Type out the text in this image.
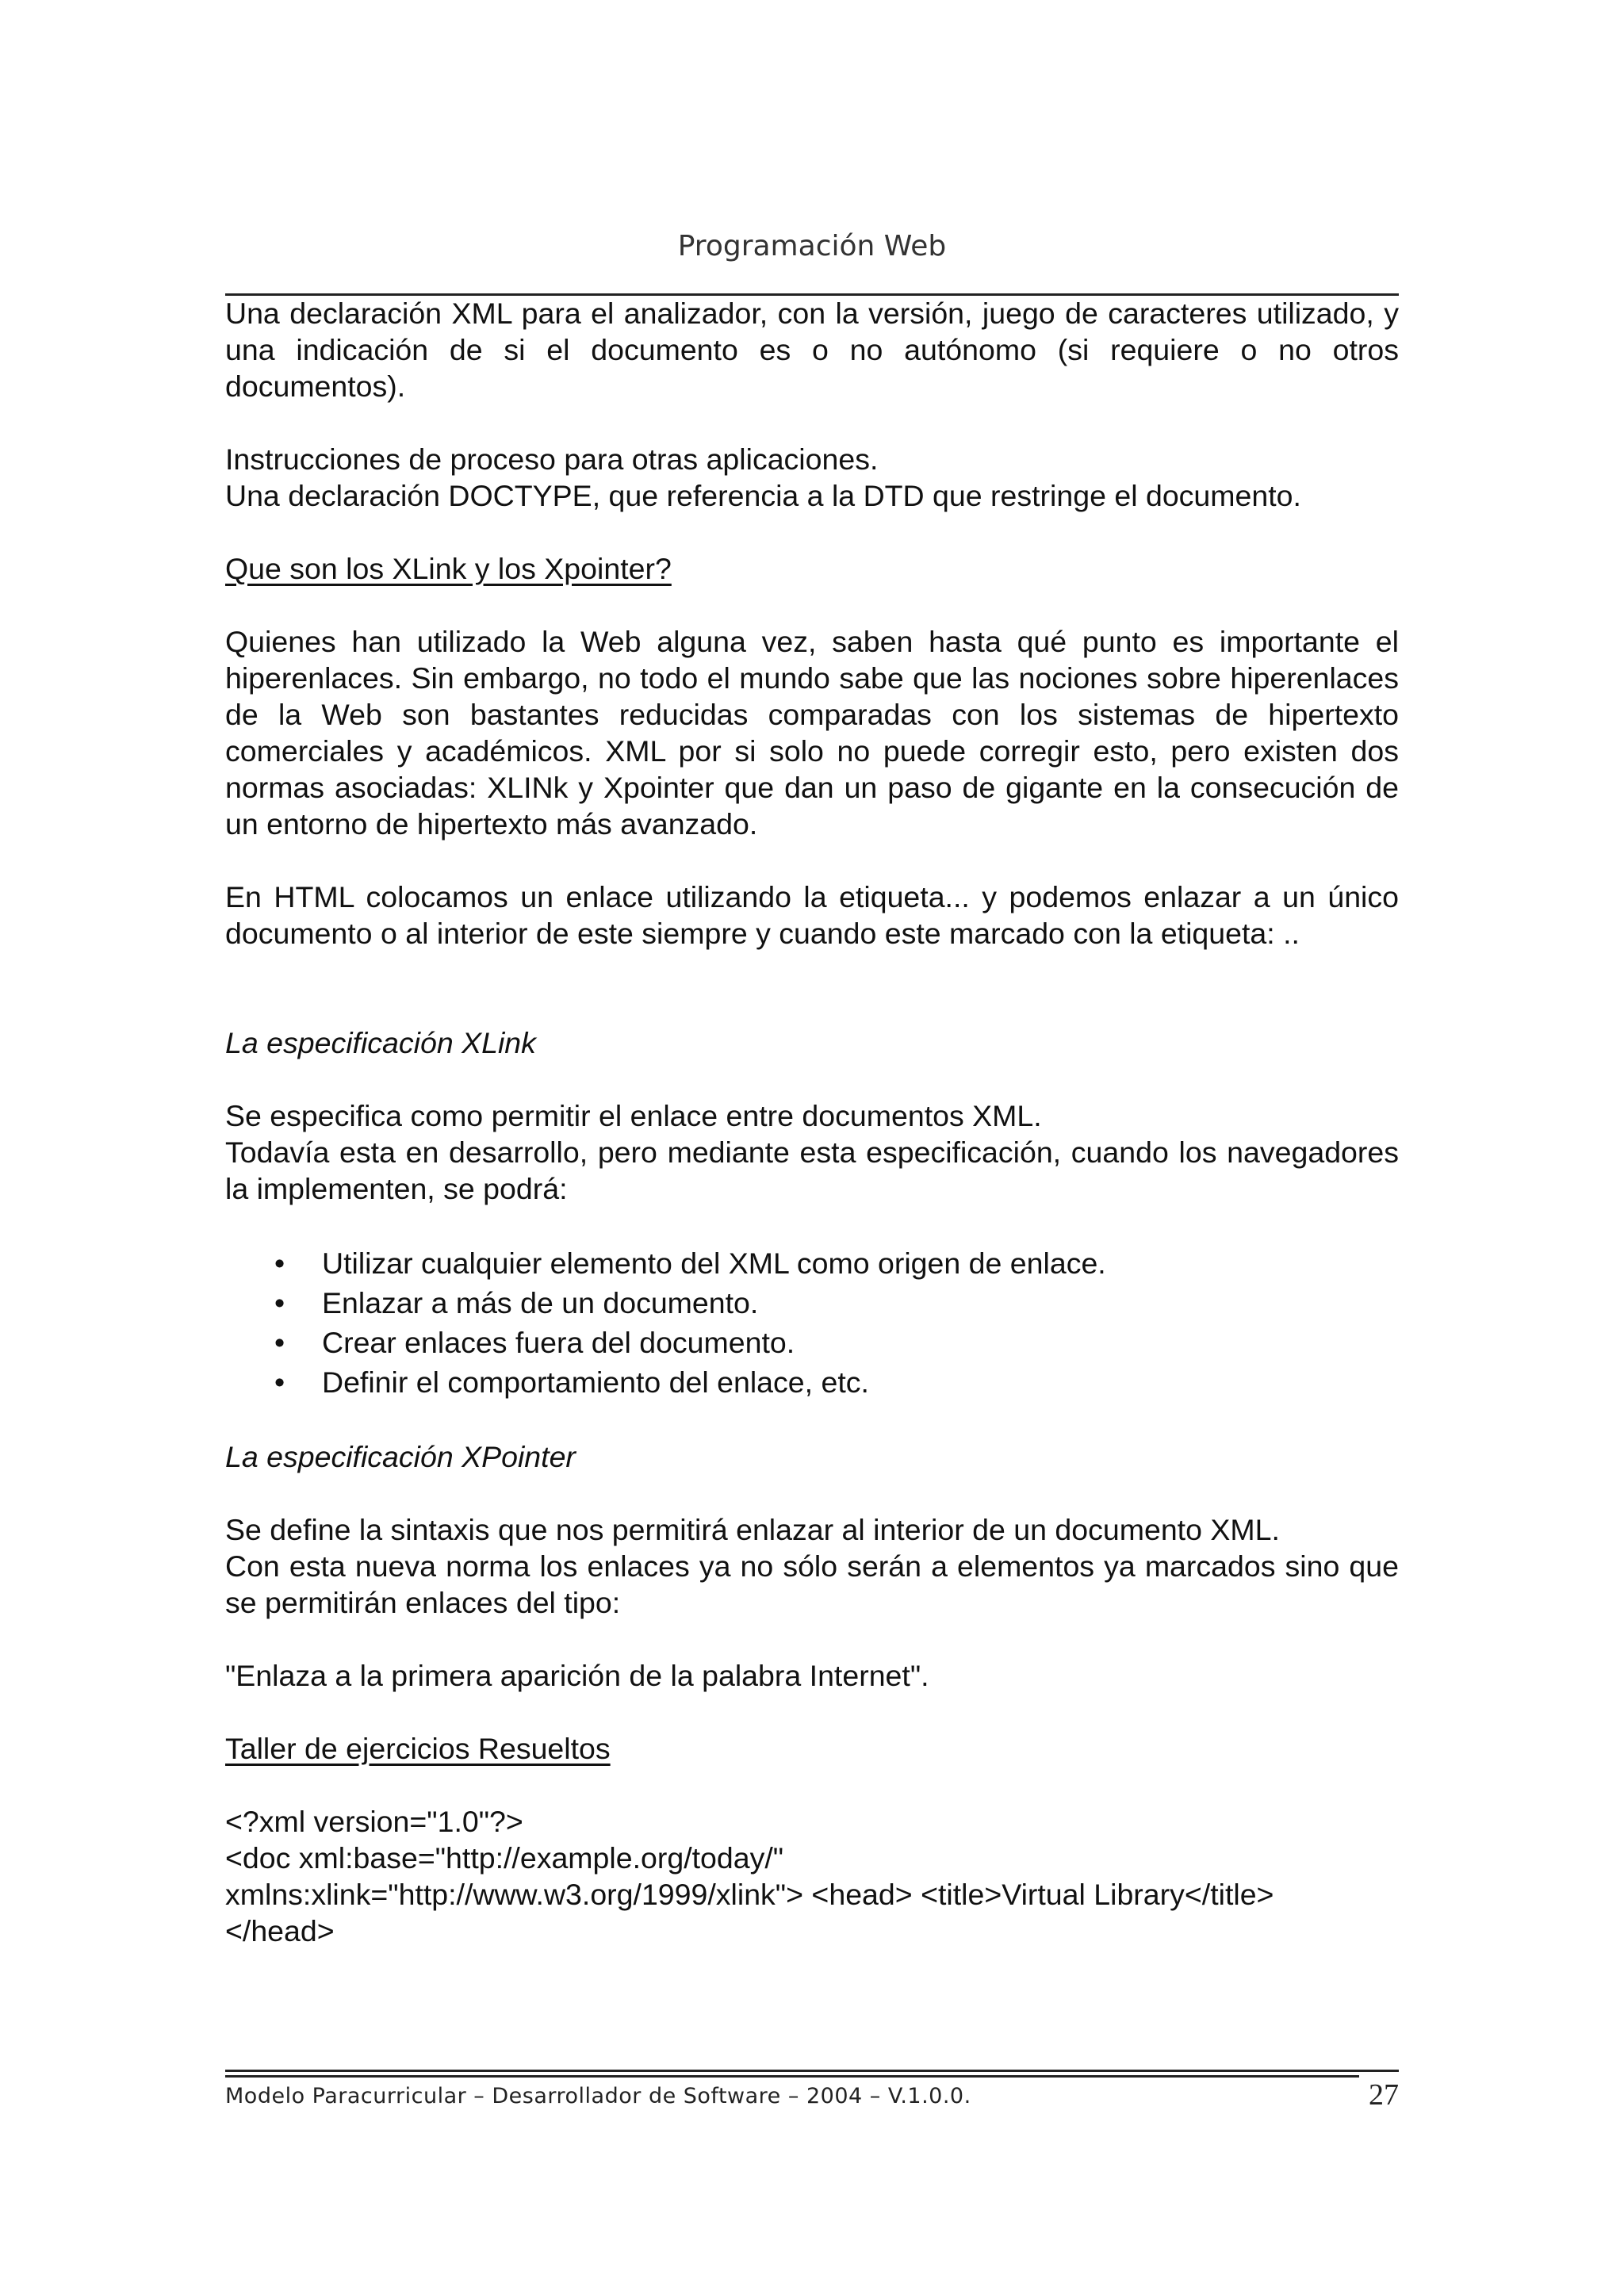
Programación Web

Una declaración XML para el analizador, con la versión, juego de caracteres utilizado, y una indicación de si el documento es o no autónomo (si requiere o no otros documentos).

Instrucciones de proceso para otras aplicaciones.

Una declaración DOCTYPE, que referencia a la DTD que restringe el documento.

Que son los XLink y los Xpointer?

Quienes han utilizado la Web alguna vez, saben hasta qué punto es importante el hiperenlaces. Sin embargo, no todo el mundo sabe que las nociones sobre hiperenlaces de la Web son bastantes reducidas comparadas con los sistemas de hipertexto comerciales y académicos. XML por si solo no puede corregir esto, pero existen dos normas asociadas: XLINk y Xpointer que dan un paso de gigante en la consecución de un entorno de hipertexto más avanzado.

En HTML colocamos un enlace utilizando la etiqueta... y podemos enlazar a un único documento o al interior de este siempre y cuando este marcado con la etiqueta: ..

La especificación XLink

Se especifica como permitir el enlace entre documentos XML.

Todavía esta en desarrollo, pero mediante esta especificación, cuando los navegadores la implementen, se podrá:

• Utilizar cualquier elemento del XML como origen de enlace.
• Enlazar a más de un documento.
• Crear enlaces fuera del documento.
• Definir el comportamiento del enlace, etc.

La especificación XPointer

Se define la sintaxis que nos permitirá enlazar al interior de un documento XML.

Con esta nueva norma los enlaces ya no sólo serán a elementos ya marcados sino que se permitirán enlaces del tipo:

"Enlaza a la primera aparición de la palabra Internet".

Taller de ejercicios Resueltos

<?xml version="1.0"?>

<doc xml:base="http://example.org/today/"

xmlns:xlink="http://www.w3.org/1999/xlink"> <head> <title>Virtual Library</title>

</head>

Modelo Paracurricular – Desarrollador de Software – 2004 – V.1.0.0.	27
